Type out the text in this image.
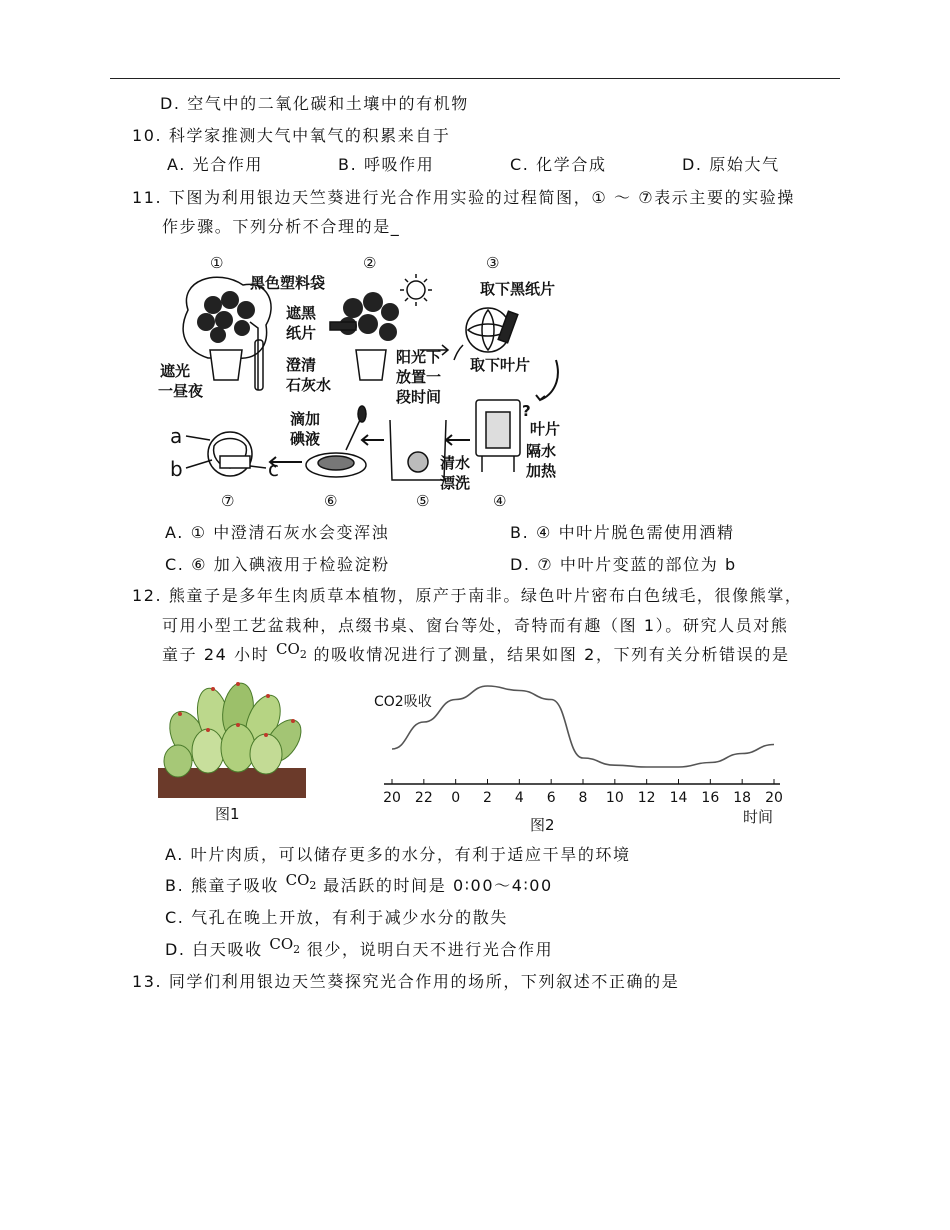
D. 空气中的二氧化碳和土壤中的有机物
10. 科学家推测大气中氧气的积累来自于
A. 光合作用	B. 呼吸作用	C. 化学合成	D. 原始大气
11. 下图为利用银边天竺葵进行光合作用实验的过程简图，① ～ ⑦表示主要的实验操
作步骤。下列分析不合理的是_
①	②	③
④
⑤
⑥
⑦
黑色塑料袋
遮光
一昼夜
遮黑
纸片
澄清
石灰水
阳光下
放置一
段时间
取下黑纸片
取下叶片
?
叶片
隔水
加热
清水
漂洗
滴加
碘液
a
b	c
A. ① 中澄清石灰水会变浑浊	B. ④ 中叶片脱色需使用酒精
C. ⑥ 加入碘液用于检验淀粉	D. ⑦ 中叶片变蓝的部位为 b
12. 熊童子是多年生肉质草本植物，原产于南非。绿色叶片密布白色绒毛，很像熊掌，
可用小型工艺盆栽种，点缀书桌、窗台等处，奇特而有趣（图 1）。研究人员对熊
童子 24 小时 $CO_2$ 的吸收情况进行了测量，结果如图 2，下列有关分析错误的是
图1
CO2吸收
20 22 0 2 4 6 8 10 12 14 16 18 20
时间
图2
A. 叶片肉质，可以储存更多的水分，有利于适应干旱的环境
B. 熊童子吸收 $CO_2$ 最活跃的时间是 0∶00～4∶00
C. 气孔在晚上开放，有利于减少水分的散失
D. 白天吸收 $CO_2$ 很少，说明白天不进行光合作用
13. 同学们利用银边天竺葵探究光合作用的场所，下列叙述不正确的是
